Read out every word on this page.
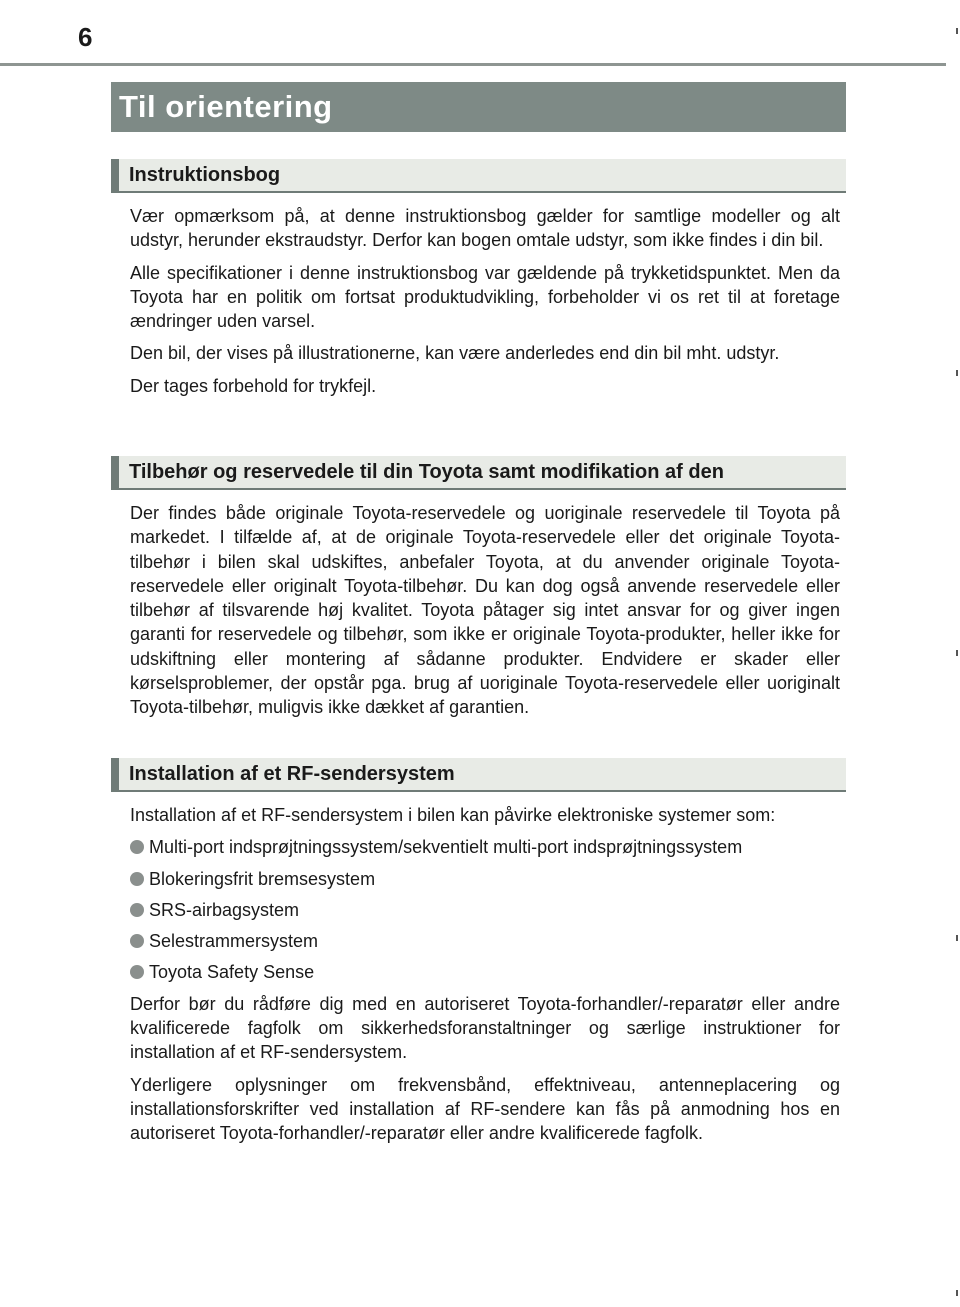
6
Til orientering
Instruktionsbog

Vær opmærksom på, at denne instruktionsbog gælder for samtlige modeller og alt udstyr, herunder ekstraudstyr. Derfor kan bogen omtale udstyr, som ikke findes i din bil.

Alle specifikationer i denne instruktionsbog var gældende på trykketidspunktet. Men da Toyota har en politik om fortsat produktudvikling, forbeholder vi os ret til at foretage ændringer uden varsel.

Den bil, der vises på illustrationerne, kan være anderledes end din bil mht. udstyr.

Der tages forbehold for trykfejl.

Tilbehør og reservedele til din Toyota samt modifikation af den

Der findes både originale Toyota-reservedele og uoriginale reservedele til Toyota på markedet. I tilfælde af, at de originale Toyota-reservedele eller det originale Toyota-tilbehør i bilen skal udskiftes, anbefaler Toyota, at du anvender originale Toyota-reservedele eller originalt Toyota-tilbehør. Du kan dog også anvende reservedele eller tilbehør af tilsvarende høj kvalitet. Toyota påtager sig intet ansvar for og giver ingen garanti for reservedele og tilbehør, som ikke er originale Toyota-produkter, heller ikke for udskiftning eller montering af sådanne produkter. Endvidere er skader eller kørselsproblemer, der opstår pga. brug af uoriginale Toyota-reservedele eller uoriginalt Toyota-tilbehør, muligvis ikke dækket af garantien.

Installation af et RF-sendersystem

Installation af et RF-sendersystem i bilen kan påvirke elektroniske systemer som:

Multi-port indsprøjtningssystem/sekventielt multi-port indsprøjtningssystem
Blokeringsfrit bremsesystem
SRS-airbagsystem
Selestrammersystem
Toyota Safety Sense

Derfor bør du rådføre dig med en autoriseret Toyota-forhandler/-reparatør eller andre kvalificerede fagfolk om sikkerhedsforanstaltninger og særlige instruktioner for installation af et RF-sendersystem.

Yderligere oplysninger om frekvensbånd, effektniveau, antenneplacering og installationsforskrifter ved installation af RF-sendere kan fås på anmodning hos en autoriseret Toyota-forhandler/-reparatør eller andre kvalificerede fagfolk.
